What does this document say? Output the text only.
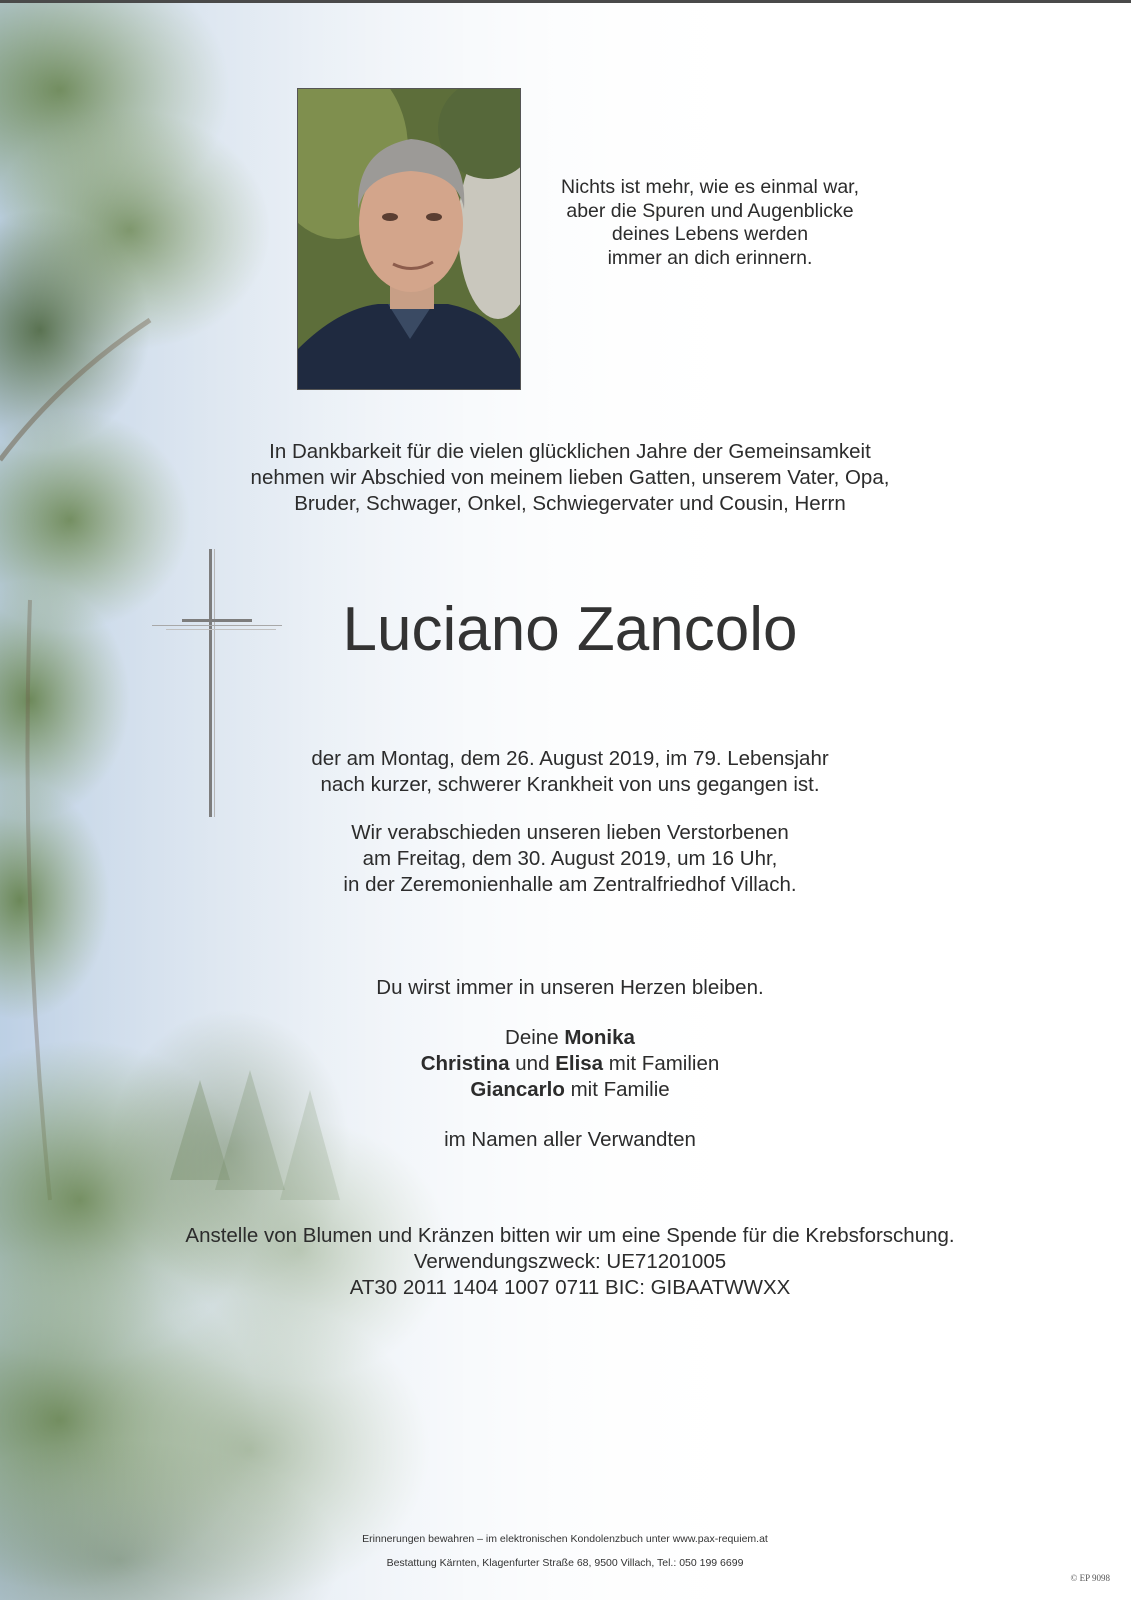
Nichts ist mehr, wie es einmal war,
aber die Spuren und Augenblicke
deines Lebens werden
immer an dich erinnern.
In Dankbarkeit für die vielen glücklichen Jahre der Gemeinsamkeit
nehmen wir Abschied von meinem lieben Gatten, unserem Vater, Opa,
Bruder, Schwager, Onkel, Schwiegervater und Cousin, Herrn
Luciano Zancolo
der am Montag, dem 26. August 2019, im 79. Lebensjahr
nach kurzer, schwerer Krankheit von uns gegangen ist.
Wir verabschieden unseren lieben Verstorbenen
am Freitag, dem 30. August 2019, um 16 Uhr,
in der Zeremonienhalle am Zentralfriedhof Villach.
Du wirst immer in unseren Herzen bleiben.
Deine Monika
Christina und Elisa mit Familien
Giancarlo mit Familie
im Namen aller Verwandten
Anstelle von Blumen und Kränzen bitten wir um eine Spende für die Krebsforschung.
Verwendungszweck: UE71201005
AT30 2011 1404 1007 0711 BIC: GIBAATWWXX
Erinnerungen bewahren – im elektronischen Kondolenzbuch unter www.pax-requiem.at
Bestattung Kärnten, Klagenfurter Straße 68, 9500 Villach, Tel.: 050 199 6699
© EP 9098
